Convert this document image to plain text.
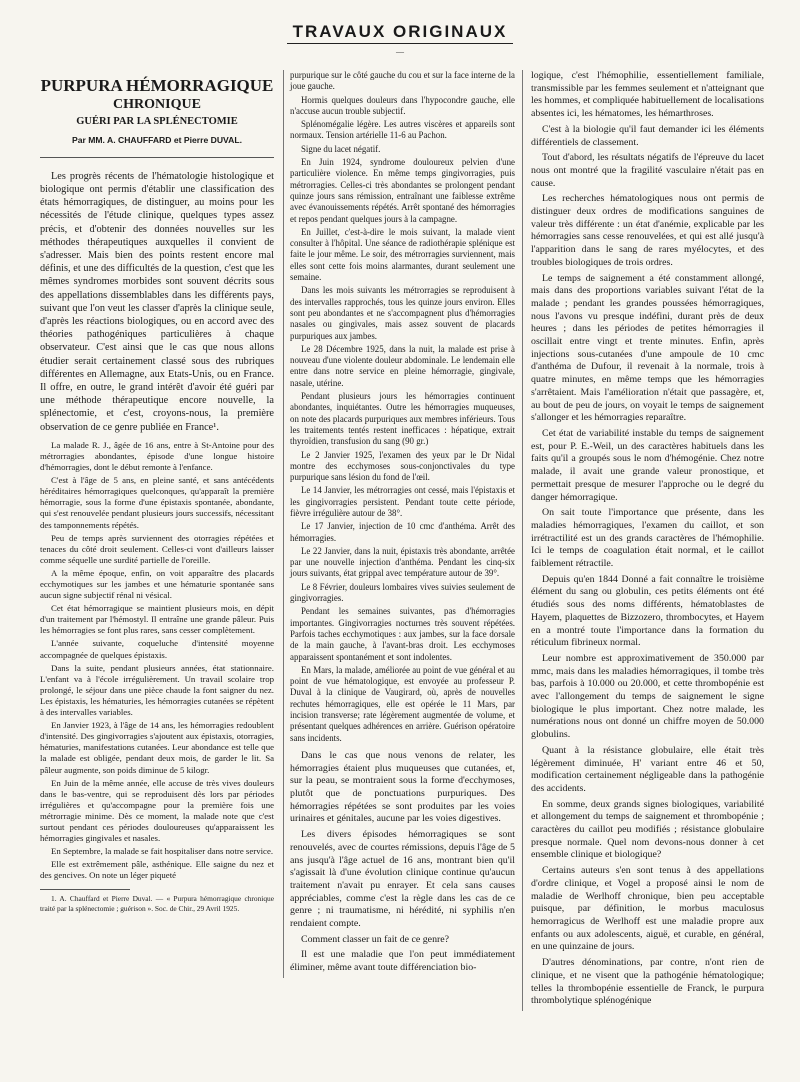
TRAVAUX ORIGINAUX
—
PURPURA HÉMORRAGIQUE
CHRONIQUE
GUÉRI PAR LA SPLÉNECTOMIE
Par MM. A. CHAUFFARD et Pierre DUVAL.

Les progrès récents de l'hématologie histologique et biologique ont permis d'établir une classification des états hémorragiques, de distinguer, au moins pour les nécessités de l'étude clinique, quelques types assez précis, et d'obtenir des données nouvelles sur les méthodes thérapeutiques auxquelles il convient de s'adresser. Mais bien des points restent encore mal définis, et une des difficultés de la question, c'est que les mêmes syndromes morbides sont souvent décrits sous des appellations dissemblables dans les différents pays, suivant que l'on veut les classer d'après la clinique seule, d'après les réactions biologiques, ou en accord avec des théories pathogéniques particulières à chaque observateur. C'est ainsi que le cas que nous allons étudier serait certainement classé sous des rubriques différentes en Allemagne, aux Etats-Unis, ou en France. Il offre, en outre, le grand intérêt d'avoir été guéri par une méthode thérapeutique encore nouvelle, la splénectomie, et c'est, croyons-nous, la première observation de ce genre publiée en France¹.

La malade R. J., âgée de 16 ans, entre à St-Antoine pour des métrorragies abondantes, épisode d'une longue histoire d'hémorragies, dont le début remonte à l'enfance.

C'est à l'âge de 5 ans, en pleine santé, et sans antécédents héréditaires hémorragiques quelconques, qu'apparaît la première hémorragie, sous la forme d'une épistaxis spontanée, abondante, qui s'est renouvelée pendant plusieurs jours successifs, nécessitant des tamponnements répétés.

Peu de temps après surviennent des otorragies répétées et tenaces du côté droit seulement. Celles-ci vont d'ailleurs laisser comme séquelle une surdité partielle de l'oreille.

A la même époque, enfin, on voit apparaître des placards ecchymotiques sur les jambes et une hématurie spontanée sans aucun signe subjectif rénal ni vésical.

Cet état hémorragique se maintient plusieurs mois, en dépit d'un traitement par l'hémostyl. Il entraîne une grande pâleur. Puis les hémorragies se font plus rares, sans cesser complètement.

L'année suivante, coqueluche d'intensité moyenne accompagnée de quelques épistaxis.

Dans la suite, pendant plusieurs années, état stationnaire. L'enfant va à l'école irrégulièrement. Un travail scolaire trop prolongé, le séjour dans une pièce chaude la font saigner du nez. Les épistaxis, les hématuries, les hémorragies cutanées se répètent à des intervalles variables.

En Janvier 1923, à l'âge de 14 ans, les hémorragies redoublent d'intensité. Des gingivorragies s'ajoutent aux épistaxis, otorragies, hématuries, manifestations cutanées. Leur abondance est telle que la malade est obligée, pendant deux mois, de garder le lit. Sa pâleur augmente, son poids diminue de 5 kilogr.

En Juin de la même année, elle accuse de très vives douleurs dans le bas-ventre, qui se reproduisent dès lors par périodes irrégulières et qu'accompagne pour la première fois une métrorragie minime. Dès ce moment, la malade note que c'est surtout pendant ces périodes douloureuses qu'apparaissent les hémorragies gingivales et nasales.

En Septembre, la malade se fait hospitaliser dans notre service.

Elle est extrêmement pâle, asthénique. Elle saigne du nez et des gencives. On note un léger piqueté

1. A. Chauffard et Pierre Duval. — « Purpura hémorragique chronique traité par la splénectomie ; guérison ». Soc. de Chir., 29 Avril 1925.

purpurique sur le côté gauche du cou et sur la face interne de la joue gauche.

Hormis quelques douleurs dans l'hypocondre gauche, elle n'accuse aucun trouble subjectif.

Splénomégalie légère. Les autres viscères et appareils sont normaux. Tension artérielle 11-6 au Pachon.

Signe du lacet négatif.

En Juin 1924, syndrome douloureux pelvien d'une particulière violence. En même temps gingivorragies, puis métrorragies. Celles-ci très abondantes se prolongent pendant quinze jours sans rémission, entraînant une faiblesse extrême avec évanouissements répétés. Arrêt spontané des hémorragies et repos pendant quelques jours à la campagne.

En Juillet, c'est-à-dire le mois suivant, la malade vient consulter à l'hôpital. Une séance de radiothérapie splénique est faite le jour même. Le soir, des métrorragies surviennent, mais elles sont cette fois moins alarmantes, durant seulement une semaine.

Dans les mois suivants les métrorragies se reproduisent à des intervalles rapprochés, tous les quinze jours environ. Elles sont peu abondantes et ne s'accompagnent plus d'hémorragies nasales ou gingivales, mais assez souvent de placards purpuriques aux jambes.

Le 28 Décembre 1925, dans la nuit, la malade est prise à nouveau d'une violente douleur abdominale. Le lendemain elle entre dans notre service en pleine hémorragie, gingivale, nasale, utérine.

Pendant plusieurs jours les hémorragies continuent abondantes, inquiétantes. Outre les hémorragies muqueuses, on note des placards purpuriques aux membres inférieurs. Tous les traitements tentés restent inefficaces : hépatique, extrait thyroïdien, transfusion du sang (90 gr.)

Le 2 Janvier 1925, l'examen des yeux par le Dr Nidal montre des ecchymoses sous-conjonctivales du type purpurique sans lésion du fond de l'œil.

Le 14 Janvier, les métrorragies ont cessé, mais l'épistaxis et les gingivorragies persistent. Pendant toute cette période, fièvre irrégulière autour de 38°.

Le 17 Janvier, injection de 10 cmc d'anthéma. Arrêt des hémorragies.

Le 22 Janvier, dans la nuit, épistaxis très abondante, arrêtée par une nouvelle injection d'anthéma. Pendant les cinq-six jours suivants, état grippal avec température autour de 39°.

Le 8 Février, douleurs lombaires vives suivies seulement de gingivorragies.

Pendant les semaines suivantes, pas d'hémorragies importantes. Gingivorragies nocturnes très souvent répétées. Parfois taches ecchymotiques : aux jambes, sur la face dorsale de la main gauche, à l'avant-bras droit. Les ecchymoses apparaissent spontanément et sont indolentes.

En Mars, la malade, améliorée au point de vue général et au point de vue hématologique, est envoyée au professeur P. Duval à la clinique de Vaugirard, où, après de nouvelles rechutes hémorragiques, elle est opérée le 11 Mars, par incision transverse; rate légèrement augmentée de volume, et présentant quelques adhérences en arrière. Guérison opératoire sans incidents.

Dans le cas que nous venons de relater, les hémorragies étaient plus muqueuses que cutanées, et, sur la peau, se montraient sous la forme d'ecchymoses, plutôt que de ponctuations purpuriques. Des hémorragies répétées se sont produites par les voies urinaires et génitales, aucune par les voies digestives.

Les divers épisodes hémorragiques se sont renouvelés, avec de courtes rémissions, depuis l'âge de 5 ans jusqu'à l'âge actuel de 16 ans, montrant bien qu'il s'agissait là d'une évolution clinique continue qu'aucun traitement n'avait pu enrayer. Et cela sans causes appréciables, comme c'est la règle dans les cas de ce genre ; ni traumatisme, ni hérédité, ni syphilis n'en rendaient compte.

Comment classer un fait de ce genre?

Il est une maladie que l'on peut immédiatement éliminer, même avant toute différenciation bio-

logique, c'est l'hémophilie, essentiellement familiale, transmissible par les femmes seulement et n'atteignant que les hommes, et compliquée habituellement de localisations absentes ici, les hématomes, les hémarthroses.

C'est à la biologie qu'il faut demander ici les éléments différentiels de classement.

Tout d'abord, les résultats négatifs de l'épreuve du lacet nous ont montré que la fragilité vasculaire n'était pas en cause.

Les recherches hématologiques nous ont permis de distinguer deux ordres de modifications sanguines de valeur très différente : un état d'anémie, explicable par les hémorragies sans cesse renouvelées, et qui est allé jusqu'à l'apparition dans le sang de rares myélocytes, et des troubles biologiques de trois ordres.

Le temps de saignement a été constamment allongé, mais dans des proportions variables suivant l'état de la malade ; pendant les grandes poussées hémorragiques, nous l'avons vu presque indéfini, durant près de deux heures ; dans les périodes de petites hémorragies il oscillait entre vingt et trente minutes. Enfin, après injections sous-cutanées d'une ampoule de 10 cmc d'anthéma de Dufour, il revenait à la normale, trois à quatre minutes, en même temps que les hémorragies s'arrêtaient. Mais l'amélioration n'était que passagère, et, au bout de peu de jours, on voyait le temps de saignement s'allonger et les hémorragies reparaître.

Cet état de variabilité instable du temps de saignement est, pour P. E.-Weil, un des caractères habituels dans les faits qu'il a groupés sous le nom d'hémogénie. Chez notre malade, il avait une grande valeur pronostique, et permettait presque de mesurer l'approche ou le degré du danger hémorragique.

On sait toute l'importance que présente, dans les maladies hémorragiques, l'examen du caillot, et son irrétractilité est un des grands caractères de l'hémophilie. Ici le temps de coagulation était normal, et le caillot faiblement rétractile.

Depuis qu'en 1844 Donné a fait connaître le troisième élément du sang ou globulin, ces petits éléments ont été étudiés sous des noms différents, hématoblastes de Hayem, plaquettes de Bizzozero, thrombocytes, et Hayem en a montré toute l'importance dans la formation du réticulum fibrineux normal.

Leur nombre est approximativement de 350.000 par mmc, mais dans les maladies hémorragiques, il tombe très bas, parfois à 10.000 ou 20.000, et cette thrombopénie est avec l'allongement du temps de saignement le signe biologique le plus important. Chez notre malade, les numérations nous ont donné un chiffre moyen de 50.000 globulins.

Quant à la résistance globulaire, elle était très légèrement diminuée, H' variant entre 46 et 50, modification certainement négligeable dans la pathogénie des accidents.

En somme, deux grands signes biologiques, variabilité et allongement du temps de saignement et thrombopénie ; caractères du caillot peu modifiés ; résistance globulaire presque normale. Quel nom devons-nous donner à cet ensemble clinique et biologique?

Certains auteurs s'en sont tenus à des appellations d'ordre clinique, et Vogel a proposé ainsi le nom de maladie de Werlhoff chronique, bien peu acceptable puisque, par définition, le morbus maculosus hemorragicus de Werlhoff est une maladie propre aux enfants ou aux adolescents, aiguë, et curable, en général, en une quinzaine de jours.

D'autres dénominations, par contre, n'ont rien de clinique, et ne visent que la pathogénie hématologique; telles la thrombopénie essentielle de Franck, le purpura thrombolytique splénogénique
